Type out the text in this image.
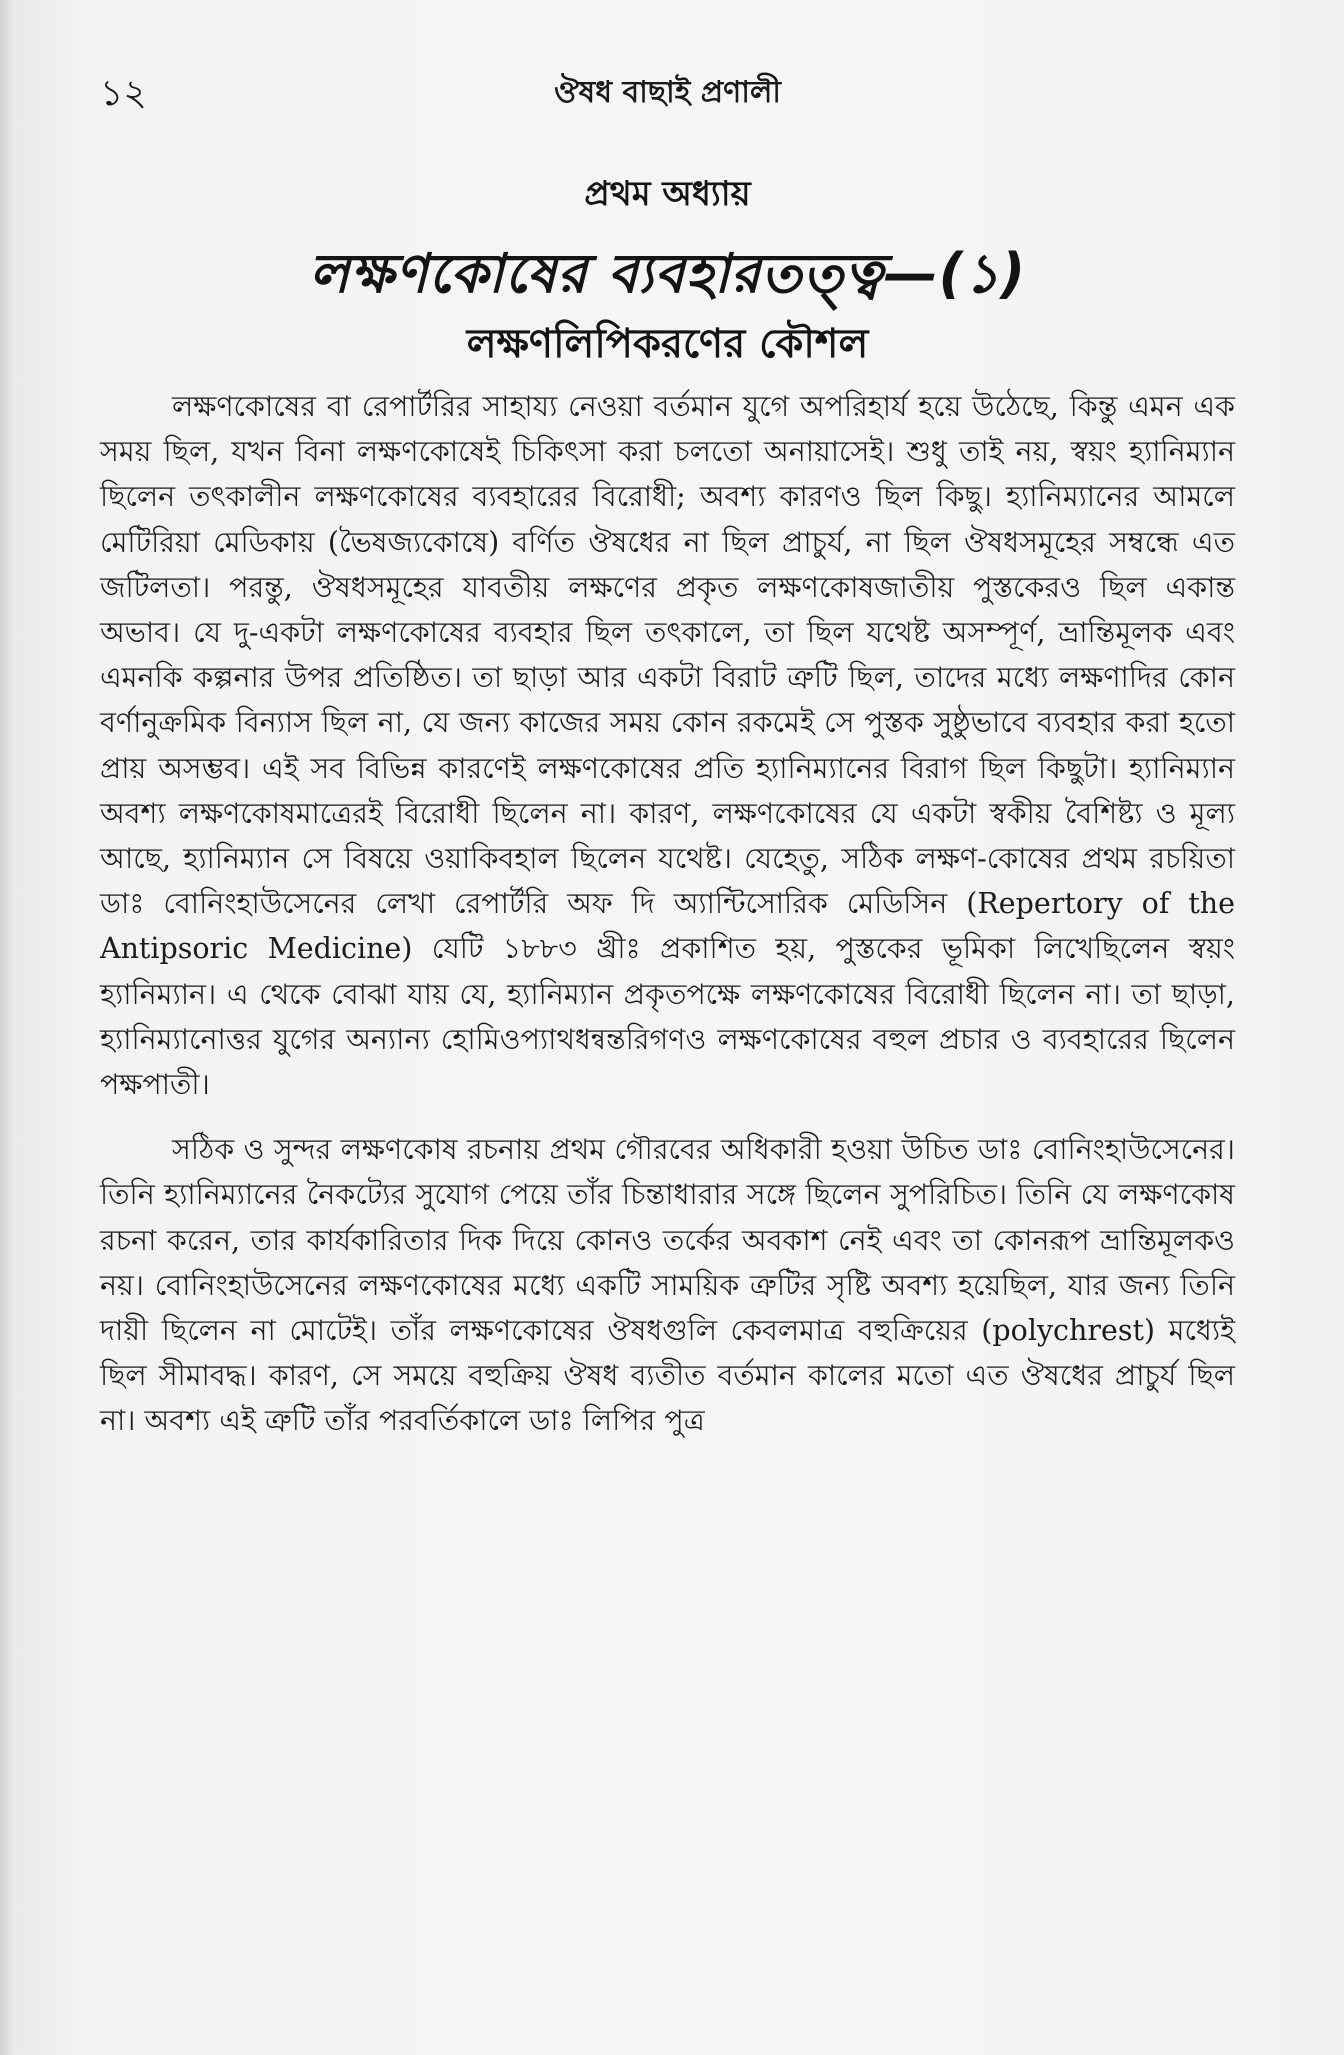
১২	ঔষধ বাছাই প্রণালী
প্রথম অধ্যায়
লক্ষণকোষের ব্যবহারতত্ত্ব—(১)
লক্ষণলিপিকরণের কৌশল

লক্ষণকোষের বা রেপার্টরির সাহায্য নেওয়া বর্তমান যুগে অপরিহার্য হয়ে উঠেছে, কিন্তু এমন এক সময় ছিল, যখন বিনা লক্ষণকোষেই চিকিৎসা করা চলতো অনায়াসেই। শুধু তাই নয়, স্বয়ং হ্যানিম্যান ছিলেন তৎকালীন লক্ষণকোষের ব্যবহারের বিরোধী; অবশ্য কারণও ছিল কিছু। হ্যানিম্যানের আমলে মেটিরিয়া মেডিকায় (ভৈষজ্যকোষে) বর্ণিত ঔষধের না ছিল প্রাচুর্য, না ছিল ঔষধসমূহের সম্বন্ধে এত জটিলতা। পরন্তু, ঔষধসমূহের যাবতীয় লক্ষণের প্রকৃত লক্ষণকোষজাতীয় পুস্তকেরও ছিল একান্ত অভাব। যে দু-একটা লক্ষণকোষের ব্যবহার ছিল তৎকালে, তা ছিল যথেষ্ট অসম্পূর্ণ, ভ্রান্তিমূলক এবং এমনকি কল্পনার উপর প্রতিষ্ঠিত। তা ছাড়া আর একটা বিরাট ত্রুটি ছিল, তাদের মধ্যে লক্ষণাদির কোন বর্ণানুক্রমিক বিন্যাস ছিল না, যে জন্য কাজের সময় কোন রকমেই সে পুস্তক সুষ্ঠুভাবে ব্যবহার করা হতো প্রায় অসম্ভব। এই সব বিভিন্ন কারণেই লক্ষণকোষের প্রতি হ্যানিম্যানের বিরাগ ছিল কিছুটা। হ্যানিম্যান অবশ্য লক্ষণকোষমাত্রেরই বিরোধী ছিলেন না। কারণ, লক্ষণকোষের যে একটা স্বকীয় বৈশিষ্ট্য ও মূল্য আছে, হ্যানিম্যান সে বিষয়ে ওয়াকিবহাল ছিলেন যথেষ্ট। যেহেতু, সঠিক লক্ষণ-কোষের প্রথম রচয়িতা ডাঃ বোনিংহাউসেনের লেখা রেপার্টরি অফ দি অ্যান্টিসোরিক মেডিসিন (Repertory of the Antipsoric Medicine) যেটি ১৮৮৩ খ্রীঃ প্রকাশিত হয়, পুস্তকের ভূমিকা লিখেছিলেন স্বয়ং হ্যানিম্যান। এ থেকে বোঝা যায় যে, হ্যানিম্যান প্রকৃতপক্ষে লক্ষণকোষের বিরোধী ছিলেন না। তা ছাড়া, হ্যানিম্যানোত্তর যুগের অন্যান্য হোমিওপ্যাথধন্বন্তরিগণও লক্ষণকোষের বহুল প্রচার ও ব্যবহারের ছিলেন পক্ষপাতী।

সঠিক ও সুন্দর লক্ষণকোষ রচনায় প্রথম গৌরবের অধিকারী হওয়া উচিত ডাঃ বোনিংহাউসেনের। তিনি হ্যানিম্যানের নৈকট্যের সুযোগ পেয়ে তাঁর চিন্তাধারার সঙ্গে ছিলেন সুপরিচিত। তিনি যে লক্ষণকোষ রচনা করেন, তার কার্যকারিতার দিক দিয়ে কোনও তর্কের অবকাশ নেই এবং তা কোনরূপ ভ্রান্তিমূলকও নয়। বোনিংহাউসেনের লক্ষণকোষের মধ্যে একটি সাময়িক ত্রুটির সৃষ্টি অবশ্য হয়েছিল, যার জন্য তিনি দায়ী ছিলেন না মোটেই। তাঁর লক্ষণকোষের ঔষধগুলি কেবলমাত্র বহুক্রিয়ের (polychrest) মধ্যেই ছিল সীমাবদ্ধ। কারণ, সে সময়ে বহুক্রিয় ঔষধ ব্যতীত বর্তমান কালের মতো এত ঔষধের প্রাচুর্য ছিল না। অবশ্য এই ত্রুটি তাঁর পরবর্তিকালে ডাঃ লিপির পুত্র
